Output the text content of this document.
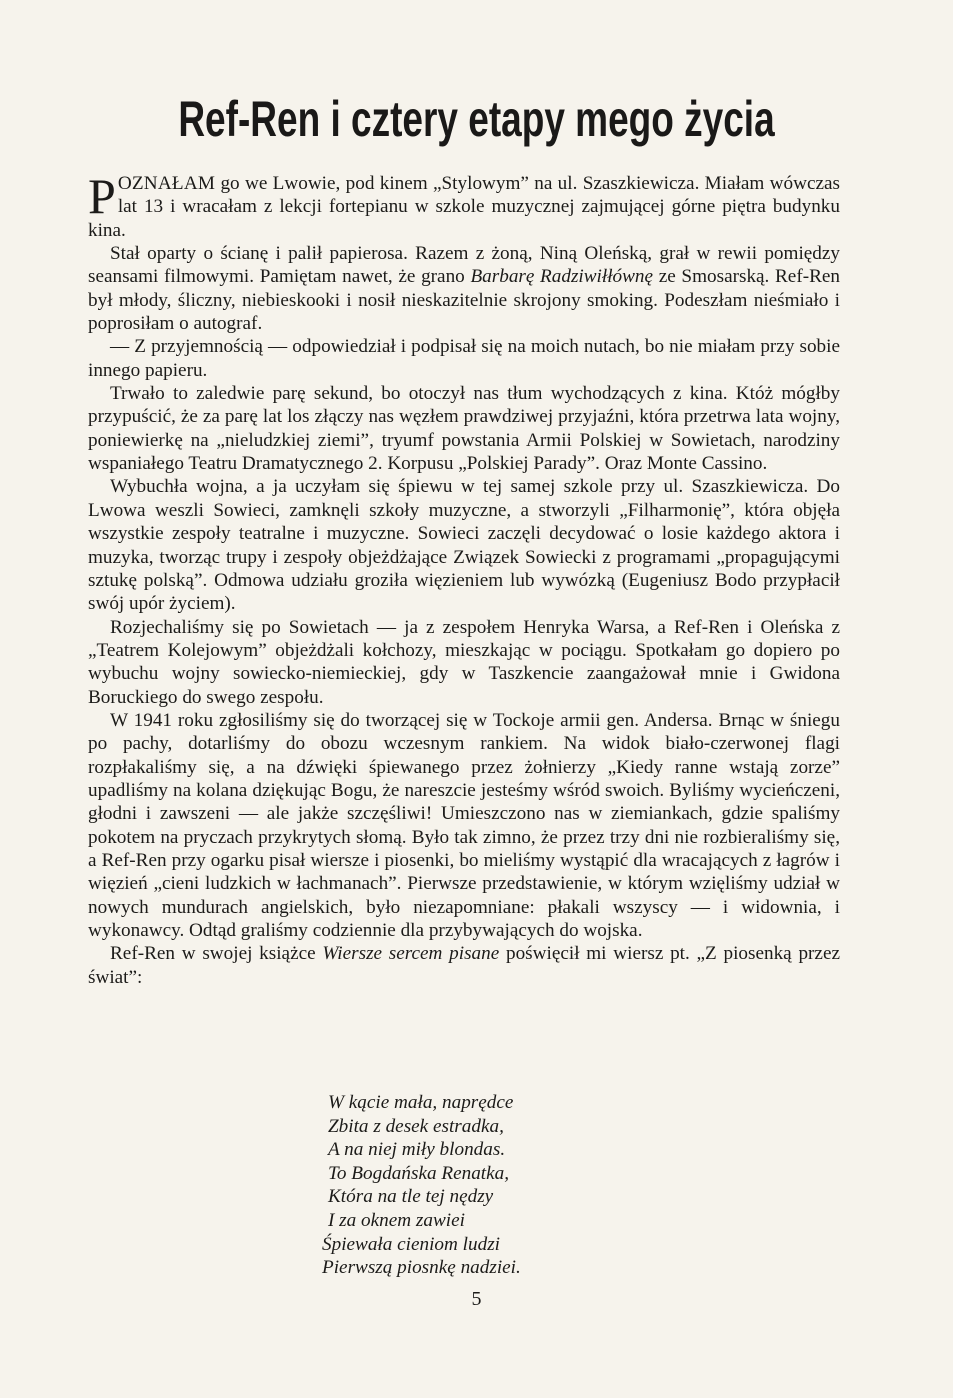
Ref-Ren i cztery etapy mego życia

POZNAŁAM go we Lwowie, pod kinem „Stylowym” na ul. Szaszkiewicza. Miałam wówczas lat 13 i wracałam z lekcji fortepianu w szkole muzycznej zajmującej górne piętra budynku kina.

Stał oparty o ścianę i palił papierosa. Razem z żoną, Niną Oleńską, grał w rewii pomiędzy seansami filmowymi. Pamiętam nawet, że grano Barbarę Radziwiłłównę ze Smosarską. Ref-Ren był młody, śliczny, niebieskooki i nosił nieskazitelnie skrojony smoking. Podeszłam nieśmiało i poprosiłam o autograf.

— Z przyjemnością — odpowiedział i podpisał się na moich nutach, bo nie miałam przy sobie innego papieru.

Trwało to zaledwie parę sekund, bo otoczył nas tłum wychodzących z kina. Któż mógłby przypuścić, że za parę lat los złączy nas węzłem prawdziwej przyjaźni, która przetrwa lata wojny, poniewierkę na „nieludzkiej ziemi”, tryumf powstania Armii Polskiej w Sowietach, narodziny wspaniałego Teatru Dramatycznego 2. Korpusu „Polskiej Parady”. Oraz Monte Cassino.

Wybuchła wojna, a ja uczyłam się śpiewu w tej samej szkole przy ul. Szaszkiewicza. Do Lwowa weszli Sowieci, zamknęli szkoły muzyczne, a stworzyli „Filharmonię”, która objęła wszystkie zespoły teatralne i muzyczne. Sowieci zaczęli decydować o losie każdego aktora i muzyka, tworząc trupy i zespoły objeżdżające Związek Sowiecki z programami „propagującymi sztukę polską”. Odmowa udziału groziła więzieniem lub wywózką (Eugeniusz Bodo przypłacił swój upór życiem).

Rozjechaliśmy się po Sowietach — ja z zespołem Henryka Warsa, a Ref-Ren i Oleńska z „Teatrem Kolejowym” objeżdżali kołchozy, mieszkając w pociągu. Spotkałam go dopiero po wybuchu wojny sowiecko-niemieckiej, gdy w Taszkencie zaangażował mnie i Gwidona Boruckiego do swego zespołu.

W 1941 roku zgłosiliśmy się do tworzącej się w Tockoje armii gen. Andersa. Brnąc w śniegu po pachy, dotarliśmy do obozu wczesnym rankiem. Na widok biało-czerwonej flagi rozpłakaliśmy się, a na dźwięki śpiewanego przez żołnierzy „Kiedy ranne wstają zorze” upadliśmy na kolana dziękując Bogu, że nareszcie jesteśmy wśród swoich. Byliśmy wycieńczeni, głodni i zawszeni — ale jakże szczęśliwi! Umieszczono nas w ziemiankach, gdzie spaliśmy pokotem na pryczach przykrytych słomą. Było tak zimno, że przez trzy dni nie rozbieraliśmy się, a Ref-Ren przy ogarku pisał wiersze i piosenki, bo mieliśmy wystąpić dla wracających z łagrów i więzień „cieni ludzkich w łachmanach”. Pierwsze przedstawienie, w którym wzięliśmy udział w nowych mundurach angielskich, było niezapomniane: płakali wszyscy — i widownia, i wykonawcy. Odtąd graliśmy codziennie dla przybywających do wojska.

Ref-Ren w swojej książce Wiersze sercem pisane poświęcił mi wiersz pt. „Z piosenką przez świat”:

W kącie mała, naprędce

Zbita z desek estradka,

A na niej miły blondas.

To Bogdańska Renatka,

Która na tle tej nędzy

I za oknem zawiei

Śpiewała cieniom ludzi

Pierwszą piosnkę nadziei.

5
